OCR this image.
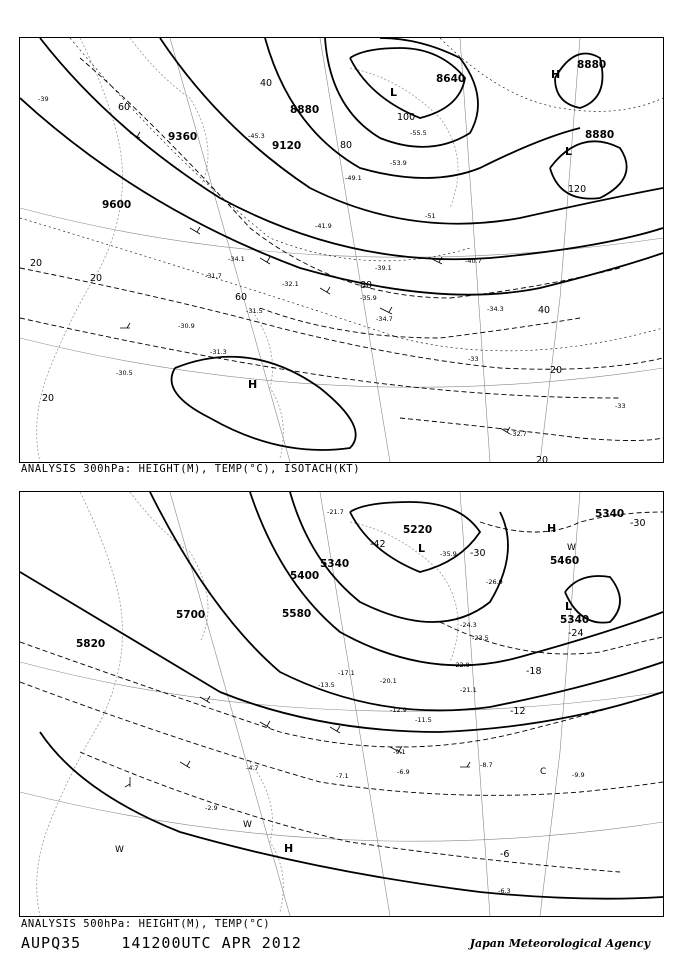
9600
9360
9120
8880
8640
8880
8880
60
40
20
80
100
120
60
80
40
20
20
20
20
-39
-45.3
-41.9
-34.1
-31.7
-31.5
-32.1
-30.9
-31.3
-30.5
-34.7
-34.3
-35.9
-39.1
-40.7
-49.1
-53.9
-55.5
-51
-33
-32.7
-33
H
L
H
L
ANALYSIS 300hPa: HEIGHT(M), TEMP(°C), ISOTACH(KT)
5820
5700	5580
5400
5340
5220
5340
5460
5340
-30
-24
-18
-12
-6
-30
-42
-35.9
-24.3
-23.5
-17.1
-13.5
-12.9
-11.5
-9.1
-7.1	-6.9
-8.7
-9.9
-4.7
-2.9
-6.3
-20.1
-21.1
-22.9
-26.9
-21.7
L
H
L
H
W
W
W
C
ANALYSIS 500hPa: HEIGHT(M), TEMP(°C)
AUPQ35	141200UTC APR 2012	Japan Meteorological Agency
